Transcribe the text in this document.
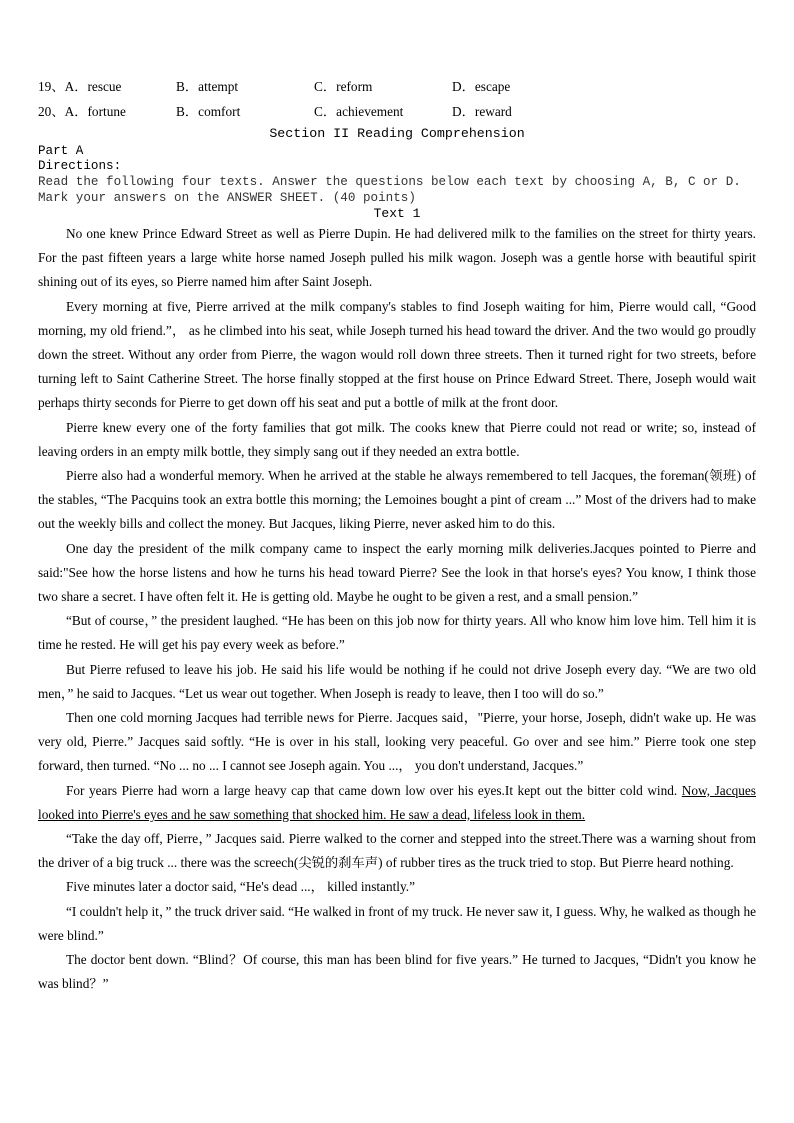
19、A．rescue	B．attempt	C．reform	D．escape
20、A．fortune	B．comfort	C．achievement	D．reward
Section II Reading Comprehension
Part A
Directions:
Read the following four texts. Answer the questions below each text by choosing A, B, C or D. Mark your answers on the ANSWER SHEET. (40 points)
Text 1

No one knew Prince Edward Street as well as Pierre Dupin. He had delivered milk to the families on the street for thirty years. For the past fifteen years a large white horse named Joseph pulled his milk wagon. Joseph was a gentle horse with beautiful spirit shining out of its eyes, so Pierre named him after Saint Joseph.

Every morning at five, Pierre arrived at the milk company's stables to find Joseph waiting for him, Pierre would call, “Good morning, my old friend.”， as he climbed into his seat, while Joseph turned his head toward the driver. And the two would go proudly down the street. Without any order from Pierre, the wagon would roll down three streets. Then it turned right for two streets, before turning left to Saint Catherine Street. The horse finally stopped at the first house on Prince Edward Street. There, Joseph would wait perhaps thirty seconds for Pierre to get down off his seat and put a bottle of milk at the front door.

Pierre knew every one of the forty families that got milk. The cooks knew that Pierre could not read or write; so, instead of leaving orders in an empty milk bottle, they simply sang out if they needed an extra bottle.

Pierre also had a wonderful memory. When he arrived at the stable he always remembered to tell Jacques, the foreman(领班) of the stables, “The Pacquins took an extra bottle this morning; the Lemoines bought a pint of cream ...” Most of the drivers had to make out the weekly bills and collect the money. But Jacques, liking Pierre, never asked him to do this.

One day the president of the milk company came to inspect the early morning milk deliveries.Jacques pointed to Pierre and said:"See how the horse listens and how he turns his head toward Pierre? See the look in that horse's eyes? You know, I think those two share a secret. I have often felt it. He is getting old. Maybe he ought to be given a rest, and a small pension.”

“But of course，” the president laughed. “He has been on this job now for thirty years. All who know him love him. Tell him it is time he rested. He will get his pay every week as before.”

But Pierre refused to leave his job. He said his life would be nothing if he could not drive Joseph every day. “We are two old men，” he said to Jacques. “Let us wear out together. When Joseph is ready to leave, then I too will do so.”

Then one cold morning Jacques had terrible news for Pierre. Jacques said，"Pierre, your horse, Joseph, didn't wake up. He was very old, Pierre.” Jacques said softly. “He is over in his stall, looking very peaceful. Go over and see him.” Pierre took one step forward, then turned. “No ... no ... I cannot see Joseph again. You ...， you don't understand, Jacques.”

For years Pierre had worn a large heavy cap that came down low over his eyes.It kept out the bitter cold wind. Now, Jacques looked into Pierre's eyes and he saw something that shocked him. He saw a dead, lifeless look in them.

“Take the day off, Pierre，” Jacques said. Pierre walked to the corner and stepped into the street.There was a warning shout from the driver of a big truck ... there was the screech(尖锐的刹车声) of rubber tires as the truck tried to stop. But Pierre heard nothing.

Five minutes later a doctor said, “He's dead ...， killed instantly.”

“I couldn't help it，” the truck driver said. “He walked in front of my truck. He never saw it, I guess. Why, he walked as though he were blind.”

The doctor bent down. “Blind？Of course, this man has been blind for five years.” He turned to Jacques, “Didn't you know he was blind？”
